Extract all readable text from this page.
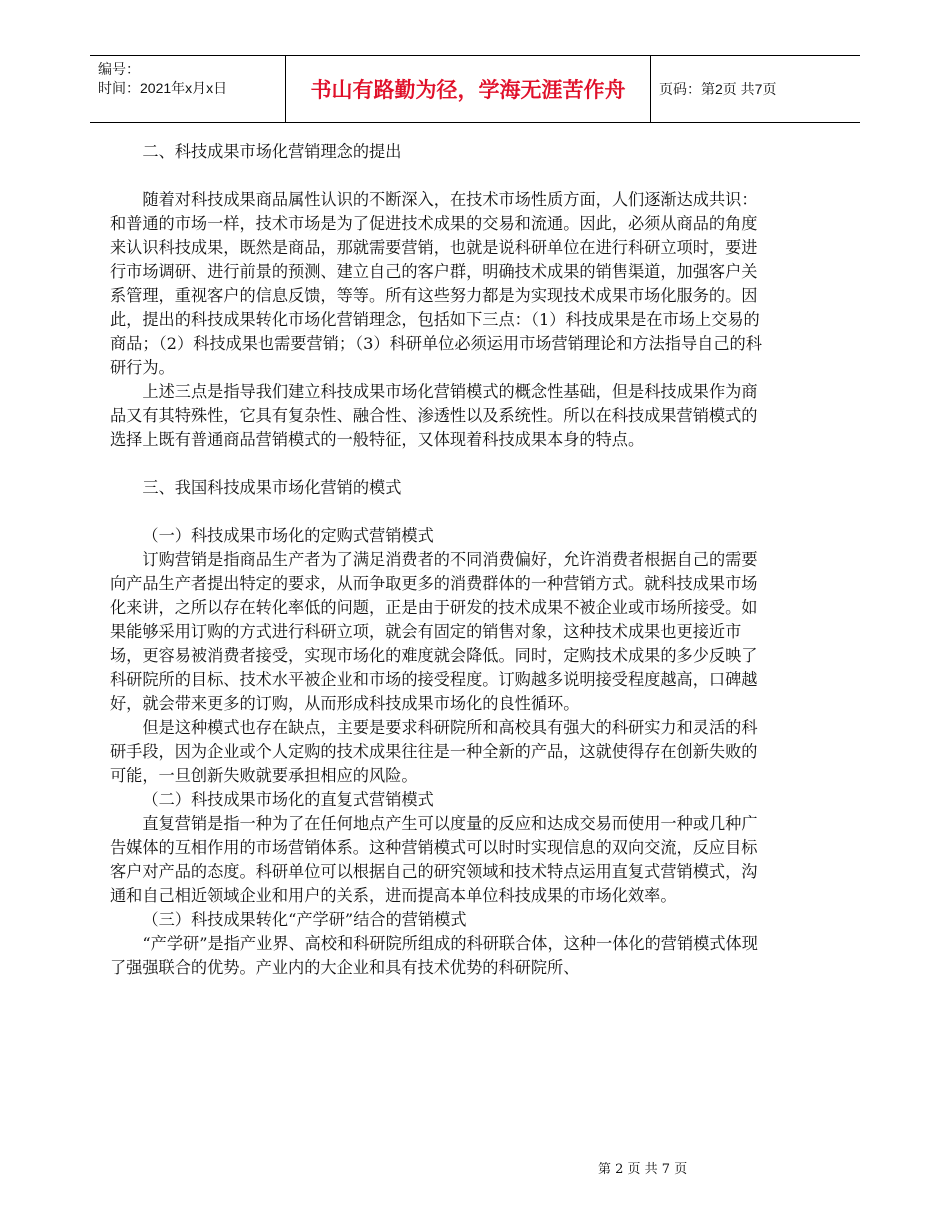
编号：
时间：2021年x月x日	书山有路勤为径，学海无涯苦作舟	页码：第2页 共7页

二、科技成果市场化营销理念的提出

随着对科技成果商品属性认识的不断深入，在技术市场性质方面，人们逐渐达成共识：和普通的市场一样，技术市场是为了促进技术成果的交易和流通。因此，必须从商品的角度来认识科技成果，既然是商品，那就需要营销，也就是说科研单位在进行科研立项时，要进行市场调研、进行前景的预测、建立自己的客户群，明确技术成果的销售渠道，加强客户关系管理，重视客户的信息反馈，等等。所有这些努力都是为实现技术成果市场化服务的。因此，提出的科技成果转化市场化营销理念，包括如下三点：（1）科技成果是在市场上交易的商品；（2）科技成果也需要营销；（3）科研单位必须运用市场营销理论和方法指导自己的科研行为。

上述三点是指导我们建立科技成果市场化营销模式的概念性基础，但是科技成果作为商品又有其特殊性，它具有复杂性、融合性、渗透性以及系统性。所以在科技成果营销模式的选择上既有普通商品营销模式的一般特征，又体现着科技成果本身的特点。

三、我国科技成果市场化营销的模式

（一）科技成果市场化的定购式营销模式

订购营销是指商品生产者为了满足消费者的不同消费偏好，允许消费者根据自己的需要向产品生产者提出特定的要求，从而争取更多的消费群体的一种营销方式。就科技成果市场化来讲，之所以存在转化率低的问题，正是由于研发的技术成果不被企业或市场所接受。如果能够采用订购的方式进行科研立项，就会有固定的销售对象，这种技术成果也更接近市场，更容易被消费者接受，实现市场化的难度就会降低。同时，定购技术成果的多少反映了科研院所的目标、技术水平被企业和市场的接受程度。订购越多说明接受程度越高，口碑越好，就会带来更多的订购，从而形成科技成果市场化的良性循环。

但是这种模式也存在缺点，主要是要求科研院所和高校具有强大的科研实力和灵活的科研手段，因为企业或个人定购的技术成果往往是一种全新的产品，这就使得存在创新失败的可能，一旦创新失败就要承担相应的风险。

（二）科技成果市场化的直复式营销模式

直复营销是指一种为了在任何地点产生可以度量的反应和达成交易而使用一种或几种广告媒体的互相作用的市场营销体系。这种营销模式可以时时实现信息的双向交流，反应目标客户对产品的态度。科研单位可以根据自己的研究领域和技术特点运用直复式营销模式，沟通和自己相近领域企业和用户的关系，进而提高本单位科技成果的市场化效率。

（三）科技成果转化“产学研”结合的营销模式

“产学研”是指产业界、高校和科研院所组成的科研联合体，这种一体化的营销模式体现了强强联合的优势。产业内的大企业和具有技术优势的科研院所、

第 2 页 共 7 页
